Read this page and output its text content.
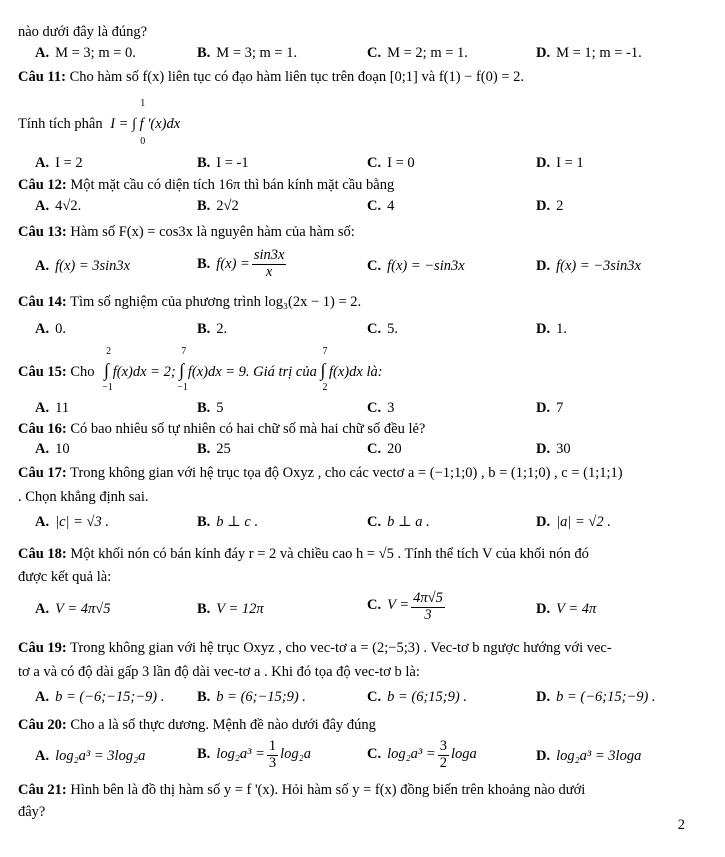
nào dưới đây là đúng?
A. M = 3; m = 0.	B. M = 3; m = 1.	C. M = 2; m = 1.	D. M = 1; m = -1.
Câu 11: Cho hàm số f(x) liên tục có đạo hàm liên tục trên đoạn [0;1] và f(1) − f(0) = 2.
Tính tích phân I = ∫ f '(x)dx
1
0
A. I = 2	B. I = -1	C. I = 0	D. I = 1
Câu 12: Một mặt cầu có diện tích 16π thì bán kính mặt cầu bằng
A. 4√2.	B. 2√2	C. 4	D. 2
Câu 13: Hàm số F(x) = cos3x là nguyên hàm của hàm số:
A. f(x) = 3sin3x	B. $f(x) = \frac{\sin 3x}{x}$	C. f(x) = −sin3x	D. f(x) = −3sin3x
Câu 14: Tìm số nghiệm của phương trình log₃(2x − 1) = 2.
A. 0.	B. 2.	C. 5.	D. 1.
Câu 15: Cho ∫
2
−1
f(x)dx = 2; ∫
7
−1
f(x)dx = 9. Giá trị của ∫
7
2
f(x)dx là:
A. 11	B. 5	C. 3	D. 7
Câu 16: Có bao nhiêu số tự nhiên có hai chữ số mà hai chữ số đều lẻ?
A. 10	B. 25	C. 20	D. 30
Câu 17: Trong không gian với hệ trục tọa độ Oxyz , cho các vectơ a = (−1;1;0) , b = (1;1;0) , c = (1;1;1)
. Chọn khẳng định sai.
A. |c| = √3 .	B. b ⊥ c .	C. b ⊥ a .	D. |a| = √2 .
Câu 18: Một khối nón có bán kính đáy r = 2 và chiều cao h = √5 . Tính thể tích V của khối nón đó
được kết quả là:
A. V = 4π√5	B. V = 12π	C. $V = \frac{4\pi√5}{3}$	D. V = 4π
Câu 19: Trong không gian với hệ trục Oxyz , cho vec-tơ a = (2;−5;3) . Vec-tơ b ngược hướng với vec-
tơ a và có độ dài gấp 3 lần độ dài vec-tơ a . Khi đó tọa độ vec-tơ b là:
A. b = (−6;−15;−9) . B. b = (6;−15;9) .	C. b = (6;15;9) .	D. b = (−6;15;−9) .
Câu 20: Cho a là số thực dương. Mệnh đề nào dưới đây đúng
A. log₂a³ = 3log₂a	B. $\log_2a^3 = \frac{1}{3} \log_2a$	C. $\log_2a^3 = \frac{3}{2}$ loga	D. log₂a³ = 3loga
Câu 21: Hình bên là đồ thị hàm số y = f '(x). Hỏi hàm số y = f(x) đồng biến trên khoảng nào dưới
đây?
2
